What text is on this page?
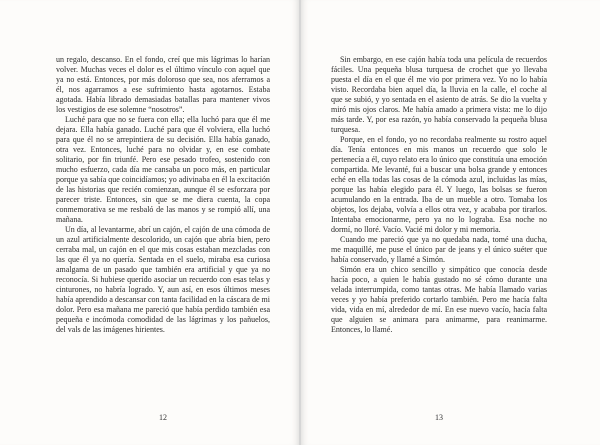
un regalo, descanso. En el fondo, creí que mis lágrimas lo harían volver. Muchas veces el dolor es el último vínculo con aquel que ya no está. Entonces, por más doloroso que sea, nos aferramos a él, nos agarramos a ese sufrimiento hasta agotarnos. Estaba agotada. Había librado demasiadas batallas para mantener vivos los vestigios de ese solemne “nosotros”.

Luché para que no se fuera con ella; ella luchó para que él me dejara. Ella había ganado. Luché para que él volviera, ella luchó para que él no se arrepintiera de su decisión. Ella había ganado, otra vez. Entonces, luché para no olvidar y, en ese combate solitario, por fin triunfé. Pero ese pesado trofeo, sostenido con mucho esfuerzo, cada día me cansaba un poco más, en particular porque ya sabía que coincidíamos; yo adivinaba en él la excitación de las historias que recién comienzan, aunque él se esforzara por parecer triste. Entonces, sin que se me diera cuenta, la copa conmemorativa se me resbaló de las manos y se rompió allí, una mañana.

Un día, al levantarme, abrí un cajón, el cajón de una cómoda de un azul artificialmente descolorido, un cajón que abría bien, pero cerraba mal, un cajón en el que mis cosas estaban mezcladas con las que él ya no quería. Sentada en el suelo, miraba esa curiosa amalgama de un pasado que también era artificial y que ya no reconocía. Si hubiese querido asociar un recuerdo con esas telas y cinturones, no habría logrado. Y, aun así, en esos últimos meses había aprendido a descansar con tanta facilidad en la cáscara de mi dolor. Pero esa mañana me pareció que había perdido también esa pequeña e incómoda comodidad de las lágrimas y los pañuelos, del vals de las imágenes hirientes.

12

Sin embargo, en ese cajón había toda una película de recuerdos fáciles. Una pequeña blusa turquesa de crochet que yo llevaba puesta el día en el que él me vio por primera vez. Yo no lo había visto. Recordaba bien aquel día, la lluvia en la calle, el coche al que se subió, y yo sentada en el asiento de atrás. Se dio la vuelta y miró mis ojos claros. Me había amado a primera vista: me lo dijo más tarde. Y, por esa razón, yo había conservado la pequeña blusa turquesa.

Porque, en el fondo, yo no recordaba realmente su rostro aquel día. Tenía entonces en mis manos un recuerdo que solo le pertenecía a él, cuyo relato era lo único que constituía una emoción compartida. Me levanté, fui a buscar una bolsa grande y entonces eché en ella todas las cosas de la cómoda azul, incluidas las mías, porque las había elegido para él. Y luego, las bolsas se fueron acumulando en la entrada. Iba de un mueble a otro. Tomaba los objetos, los dejaba, volvía a ellos otra vez, y acababa por tirarlos. Intentaba emocionarme, pero ya no lo lograba. Esa noche no dormí, no lloré. Vacío. Vacié mi dolor y mi memoria.

Cuando me pareció que ya no quedaba nada, tomé una ducha, me maquillé, me puse el único par de jeans y el único suéter que había conservado, y llamé a Simón.

Simón era un chico sencillo y simpático que conocía desde hacía poco, a quien le había gustado no sé cómo durante una velada interrumpida, como tantas otras. Me había llamado varias veces y yo había preferido cortarlo también. Pero me hacía falta vida, vida en mí, alrededor de mí. En ese nuevo vacío, hacía falta que alguien se animara para animarme, para reanimarme. Entonces, lo llamé.

13
